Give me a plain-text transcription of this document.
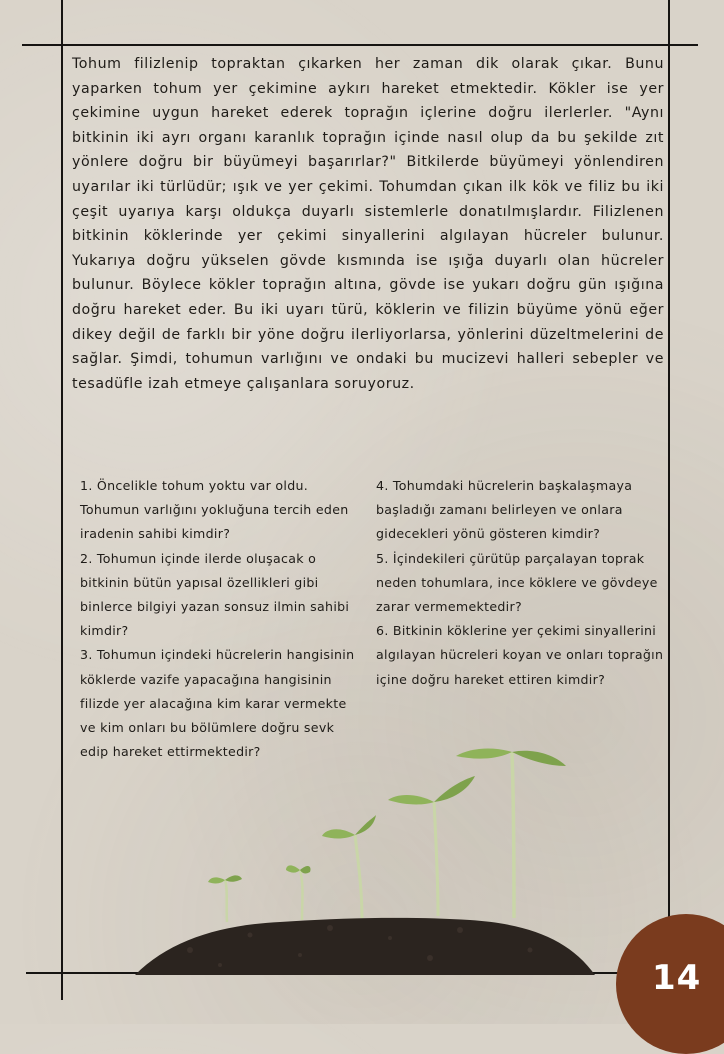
Tohum filizlenip topraktan çıkarken her zaman dik olarak çıkar. Bunu yaparken tohum yer çekimine aykırı hareket etmektedir. Kökler ise yer çekimine uygun hareket ederek toprağın içlerine doğru ilerlerler. "Aynı bitkinin iki ayrı organı karanlık toprağın içinde nasıl olup da bu şekilde zıt yönlere doğru bir büyümeyi başarırlar?" Bitkilerde büyümeyi yönlendiren uyarılar iki türlüdür; ışık ve yer çekimi. Tohumdan çıkan ilk kök ve filiz bu iki çeşit uyarıya karşı oldukça duyarlı sistemlerle donatılmışlardır. Filizlenen bitkinin köklerinde yer çekimi sinyallerini algılayan hücreler bulunur. Yukarıya doğru yükselen gövde kısmında ise ışığa duyarlı olan hücreler bulunur. Böylece kökler toprağın altına, gövde ise yukarı doğru gün ışığına doğru hareket eder. Bu iki uyarı türü, köklerin ve filizin büyüme yönü eğer dikey değil de farklı bir yöne doğru ilerliyorlarsa, yönlerini düzeltmelerini de sağlar. Şimdi, tohumun varlığını ve ondaki bu mucizevi halleri sebepler ve tesadüfle izah etmeye çalışanlara soruyoruz.

1. Öncelikle tohum yoktu var oldu. Tohumun varlığını yokluğuna tercih eden iradenin sahibi kimdir?

2. Tohumun içinde ilerde oluşacak o bitkinin bütün yapısal özellikleri gibi binlerce bilgiyi yazan sonsuz ilmin sahibi kimdir?

3. Tohumun içindeki hücrelerin hangisinin köklerde vazife yapacağına hangisinin filizde yer alacağına kim karar vermekte ve kim onları bu bölümlere doğru sevk edip hareket ettirmektedir?

4. Tohumdaki hücrelerin başkalaşmaya başladığı zamanı belirleyen ve onlara gidecekleri yönü gösteren kimdir?

5. İçindekileri çürütüp parçalayan toprak neden tohumlara, ince köklere ve gövdeye zarar vermemektedir?

6. Bitkinin köklerine yer çekimi sinyallerini algılayan hücreleri koyan ve onları toprağın içine doğru hareket ettiren kimdir?

14
